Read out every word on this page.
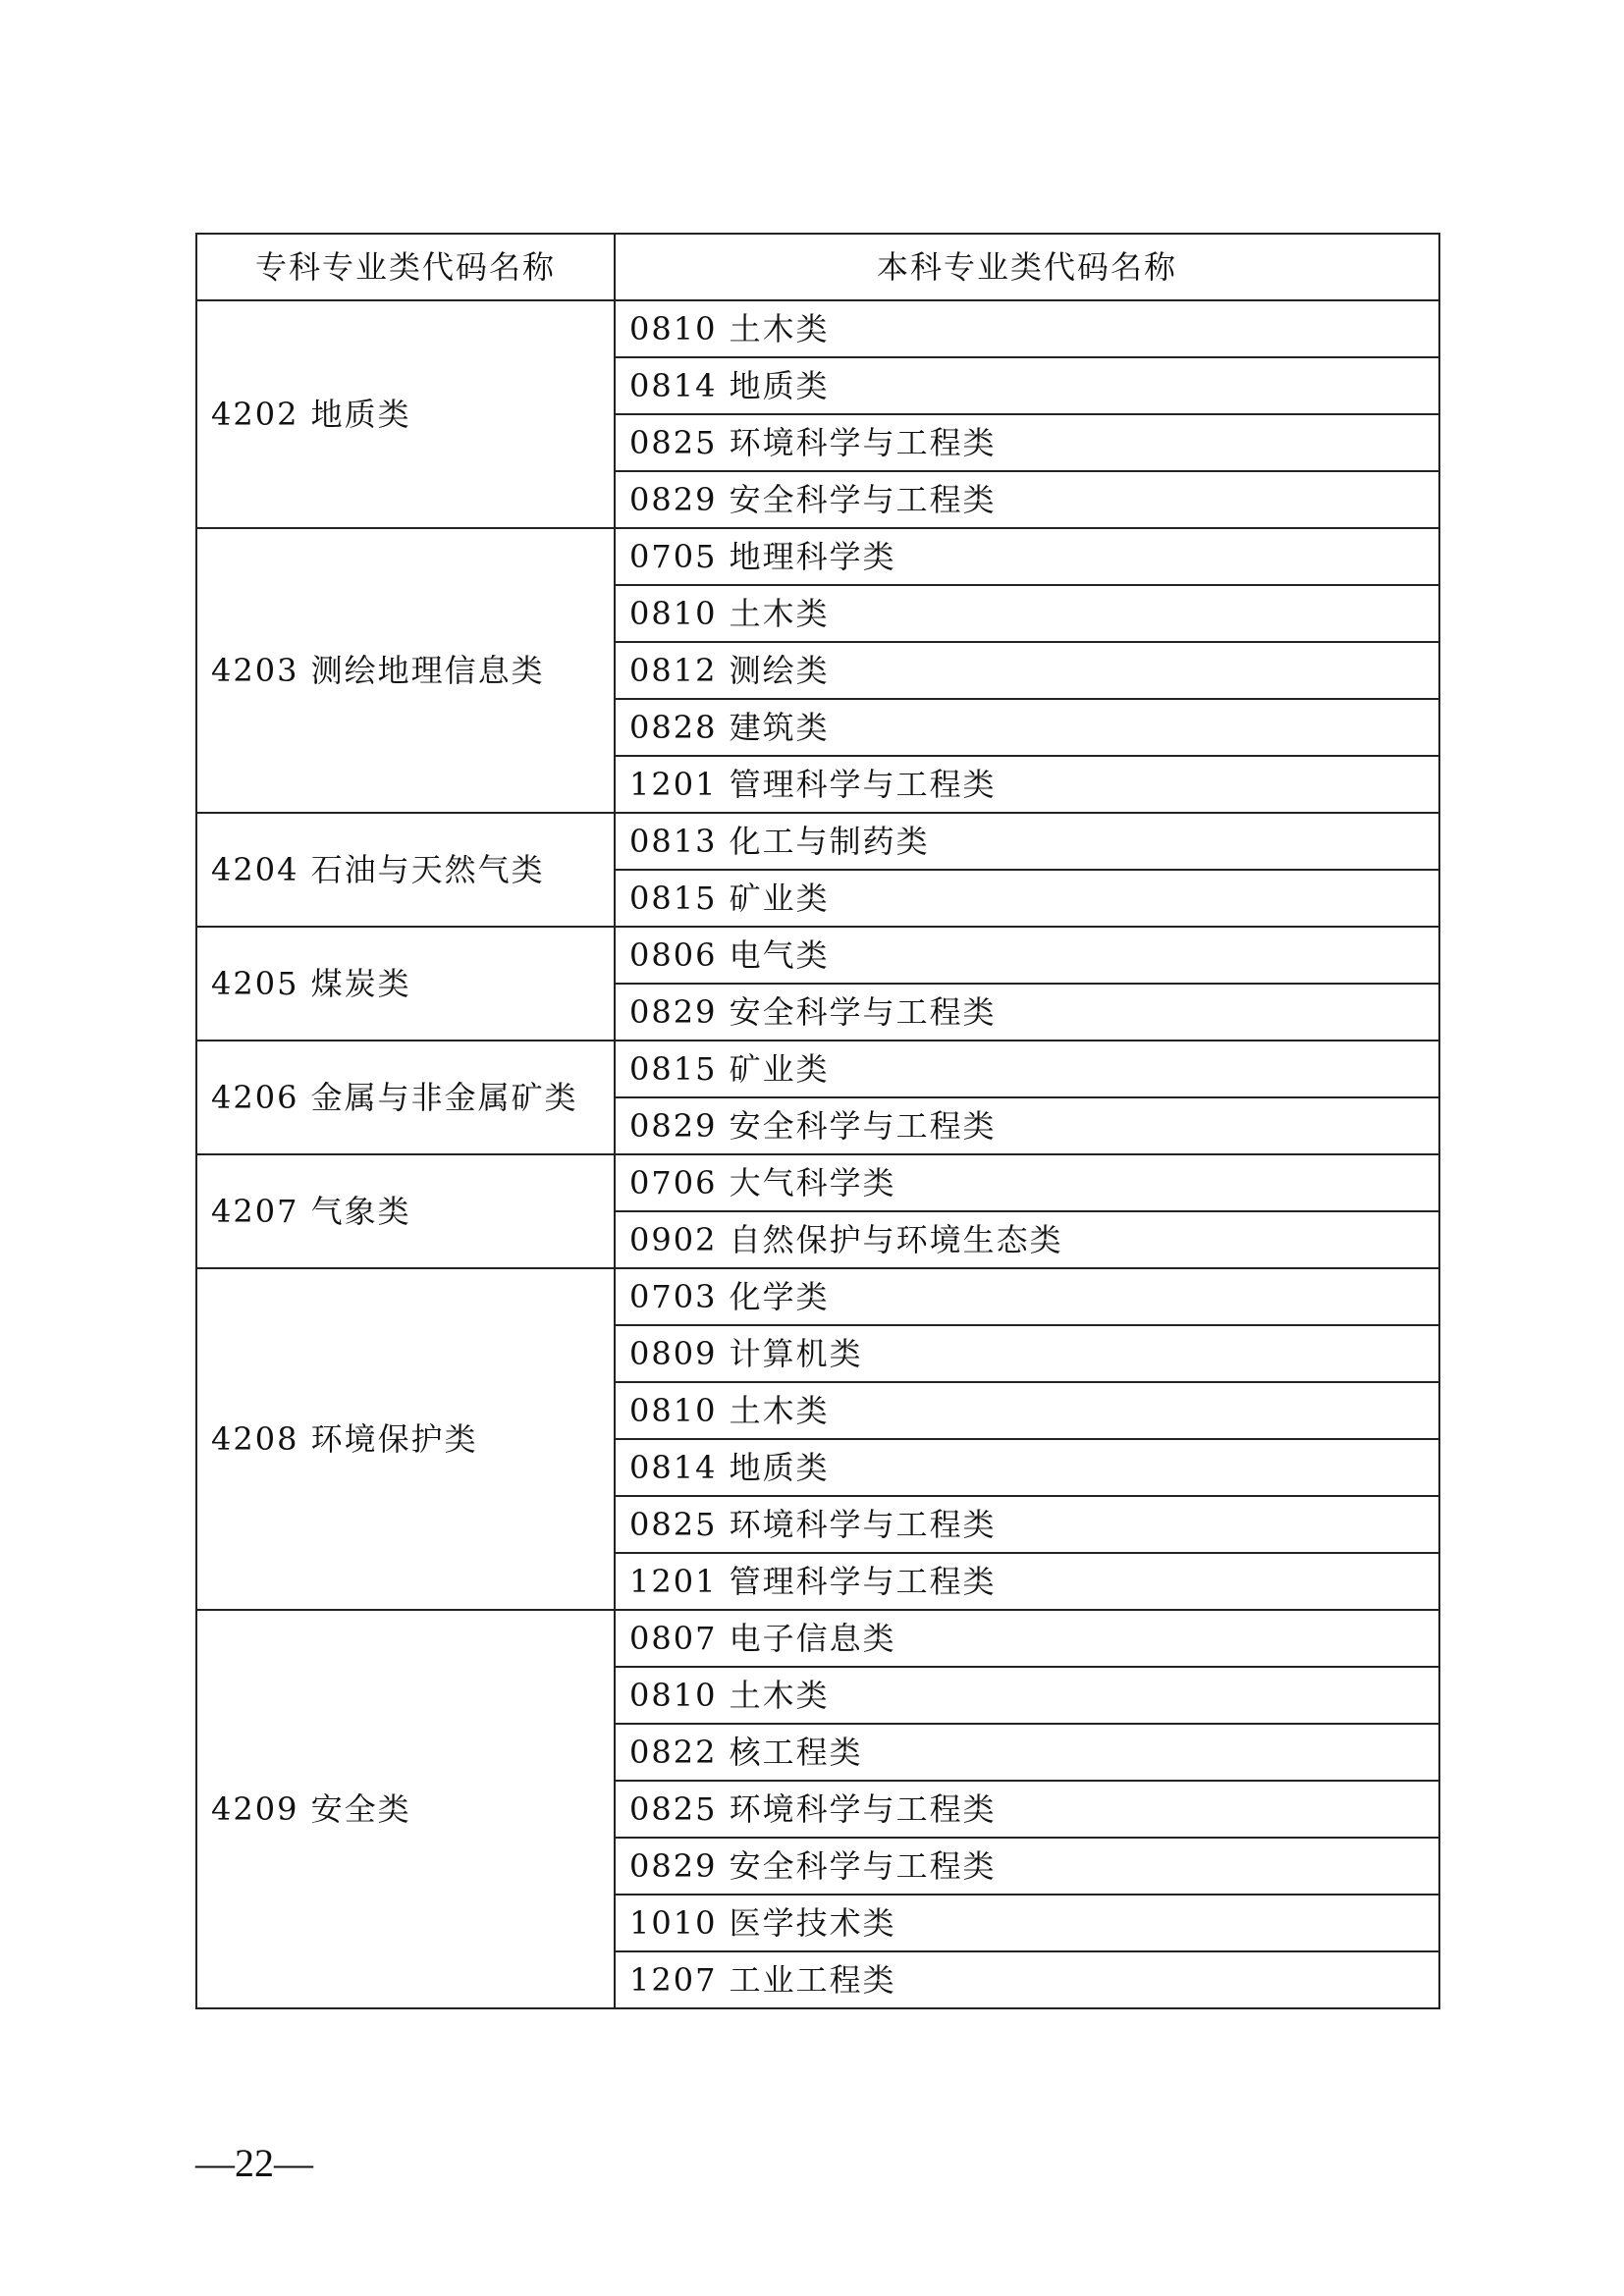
专科专业类代码名称	本科专业类代码名称
4202 地质类	0810 土木类
	0814 地质类
	0825 环境科学与工程类
	0829 安全科学与工程类
4203 测绘地理信息类	0705 地理科学类
	0810 土木类
	0812 测绘类
	0828 建筑类
	1201 管理科学与工程类
4204 石油与天然气类	0813 化工与制药类
	0815 矿业类
4205 煤炭类	0806 电气类
	0829 安全科学与工程类
4206 金属与非金属矿类	0815 矿业类
	0829 安全科学与工程类
4207 气象类	0706 大气科学类
	0902 自然保护与环境生态类
4208 环境保护类	0703 化学类
	0809 计算机类
	0810 土木类
	0814 地质类
	0825 环境科学与工程类
	1201 管理科学与工程类
4209 安全类	0807 电子信息类
	0810 土木类
	0822 核工程类
	0825 环境科学与工程类
	0829 安全科学与工程类
	1010 医学技术类
	1207 工业工程类
—22—
